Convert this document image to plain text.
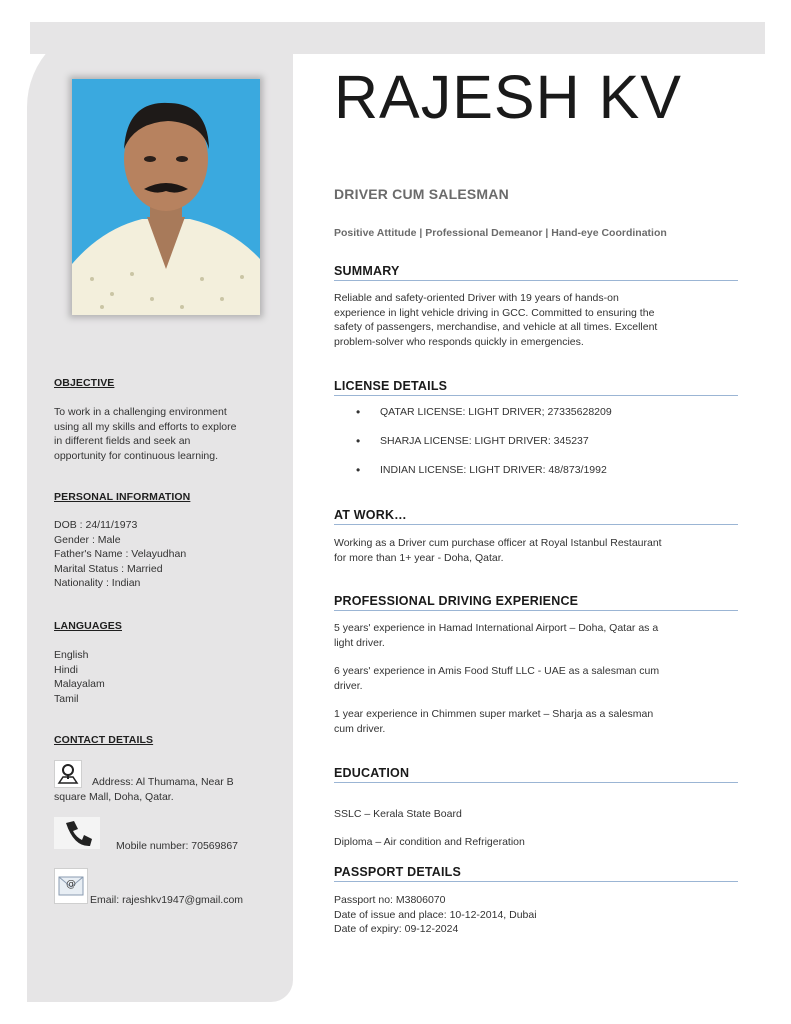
OBJECTIVE
To work in a challenging environment
using all my skills and efforts to explore
in different fields and seek an
opportunity for continuous learning.
PERSONAL INFORMATION
DOB : 24/11/1973
Gender : Male
Father's Name : Velayudhan
Marital Status : Married
Nationality : Indian
LANGUAGES
English
Hindi
Malayalam
Tamil
CONTACT DETAILS
Address: Al Thumama, Near B
square Mall, Doha, Qatar.
Mobile number: 70569867
@
Email: rajeshkv1947@gmail.com
RAJESH KV
DRIVER CUM SALESMAN
Positive Attitude | Professional Demeanor | Hand-eye Coordination
SUMMARY
Reliable and safety-oriented Driver with 19 years of hands-on
experience in light vehicle driving in GCC. Committed to ensuring the
safety of passengers, merchandise, and vehicle at all times. Excellent
problem-solver who responds quickly in emergencies.
LICENSE DETAILS
• QATAR LICENSE: LIGHT DRIVER; 27335628209
• SHARJA LICENSE: LIGHT DRIVER: 345237
• INDIAN LICENSE: LIGHT DRIVER: 48/873/1992
AT WORK…
Working as a Driver cum purchase officer at Royal Istanbul Restaurant
for more than 1+ year - Doha, Qatar.
PROFESSIONAL DRIVING EXPERIENCE
5 years' experience in Hamad International Airport – Doha, Qatar as a
light driver.
6 years' experience in Amis Food Stuff LLC - UAE as a salesman cum
driver.
1 year experience in Chimmen super market – Sharja as a salesman
cum driver.
EDUCATION
SSLC – Kerala State Board
Diploma – Air condition and Refrigeration
PASSPORT DETAILS
Passport no: M3806070
Date of issue and place: 10-12-2014, Dubai
Date of expiry: 09-12-2024
